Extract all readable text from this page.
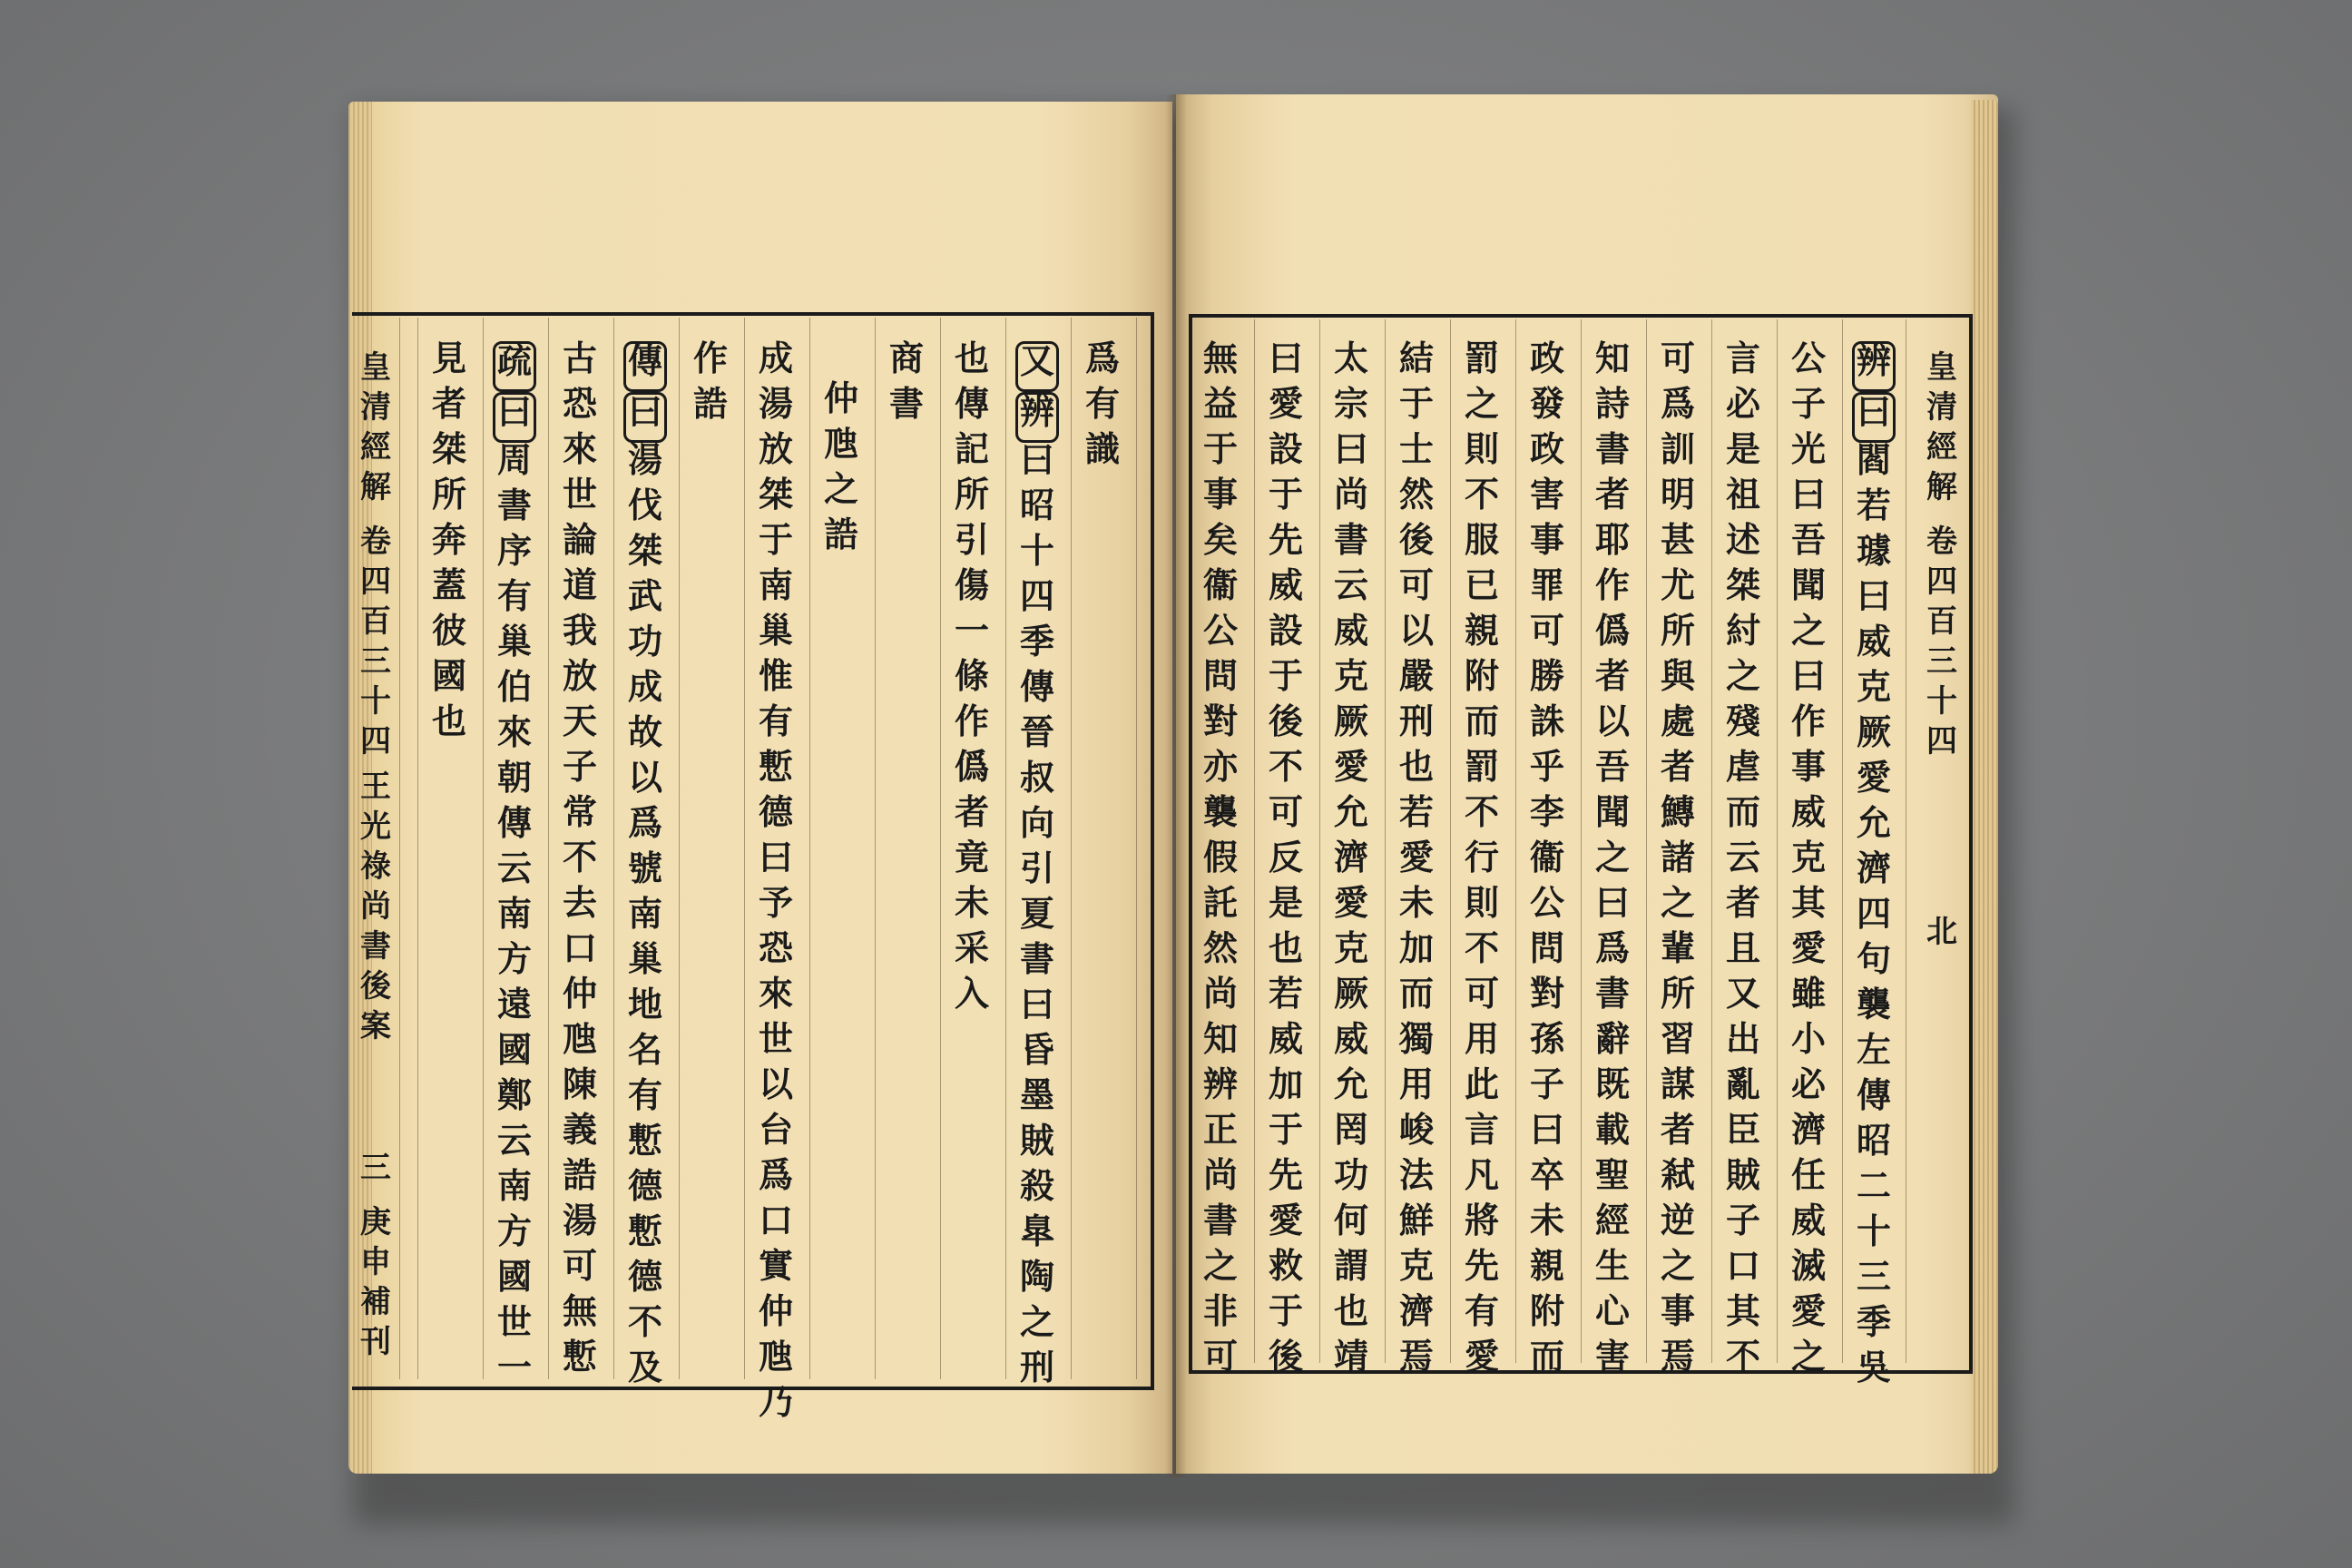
皇
清
經
解
卷
四
百
三
十
四
王
光
祿
尚
書
後
案
三
庚
申
補
刊
爲
有
識
又
辨
曰
昭
十
四
季
傳
晉
叔
向
引
夏
書
曰
昏
墨
賊
殺
臯
陶
之
刑
也
傳
記
所
引
傷
一
條
作
僞
者
竟
未
采
入
商
書
仲
虺
之
誥
成
湯
放
桀
于
南
巢
惟
有
慙
德
曰
予
恐
來
世
以
台
爲
口
實
仲
虺
乃
作
誥
傳
曰
湯
伐
桀
武
功
成
故
以
爲
號
南
巢
地
名
有
慙
德
慙
德
不
及
古
恐
來
世
論
道
我
放
天
子
常
不
去
口
仲
虺
陳
義
誥
湯
可
無
慙
疏
曰
周
書
序
有
巢
伯
來
朝
傳
云
南
方
遠
國
鄭
云
南
方
國
世
一
見
者
桀
所
奔
蓋
彼
國
也
皇
清
經
解
卷
四
百
三
十
四
北
辨
曰
閻
若
璩
曰
威
克
厥
愛
允
濟
四
句
襲
左
傳
昭
二
十
三
季
吳
公
子
光
曰
吾
聞
之
曰
作
事
威
克
其
愛
雖
小
必
濟
任
威
滅
愛
之
言
必
是
祖
述
桀
紂
之
殘
虐
而
云
者
且
又
出
亂
臣
賊
子
口
其
不
可
爲
訓
明
甚
尤
所
與
處
者
鱄
諸
之
輩
所
習
謀
者
弒
逆
之
事
焉
知
詩
書
者
耶
作
僞
者
以
吾
聞
之
曰
爲
書
辭
既
載
聖
經
生
心
害
政
發
政
害
事
罪
可
勝
誅
乎
李
衞
公
問
對
孫
子
曰
卒
未
親
附
而
罰
之
則
不
服
已
親
附
而
罰
不
行
則
不
可
用
此
言
凡
將
先
有
愛
結
于
士
然
後
可
以
嚴
刑
也
若
愛
未
加
而
獨
用
峻
法
鮮
克
濟
焉
太
宗
曰
尚
書
云
威
克
厥
愛
允
濟
愛
克
厥
威
允
罔
功
何
謂
也
靖
曰
愛
設
于
先
威
設
于
後
不
可
反
是
也
若
威
加
于
先
愛
救
于
後
無
益
于
事
矣
衞
公
問
對
亦
襲
假
託
然
尚
知
辨
正
尚
書
之
非
可
